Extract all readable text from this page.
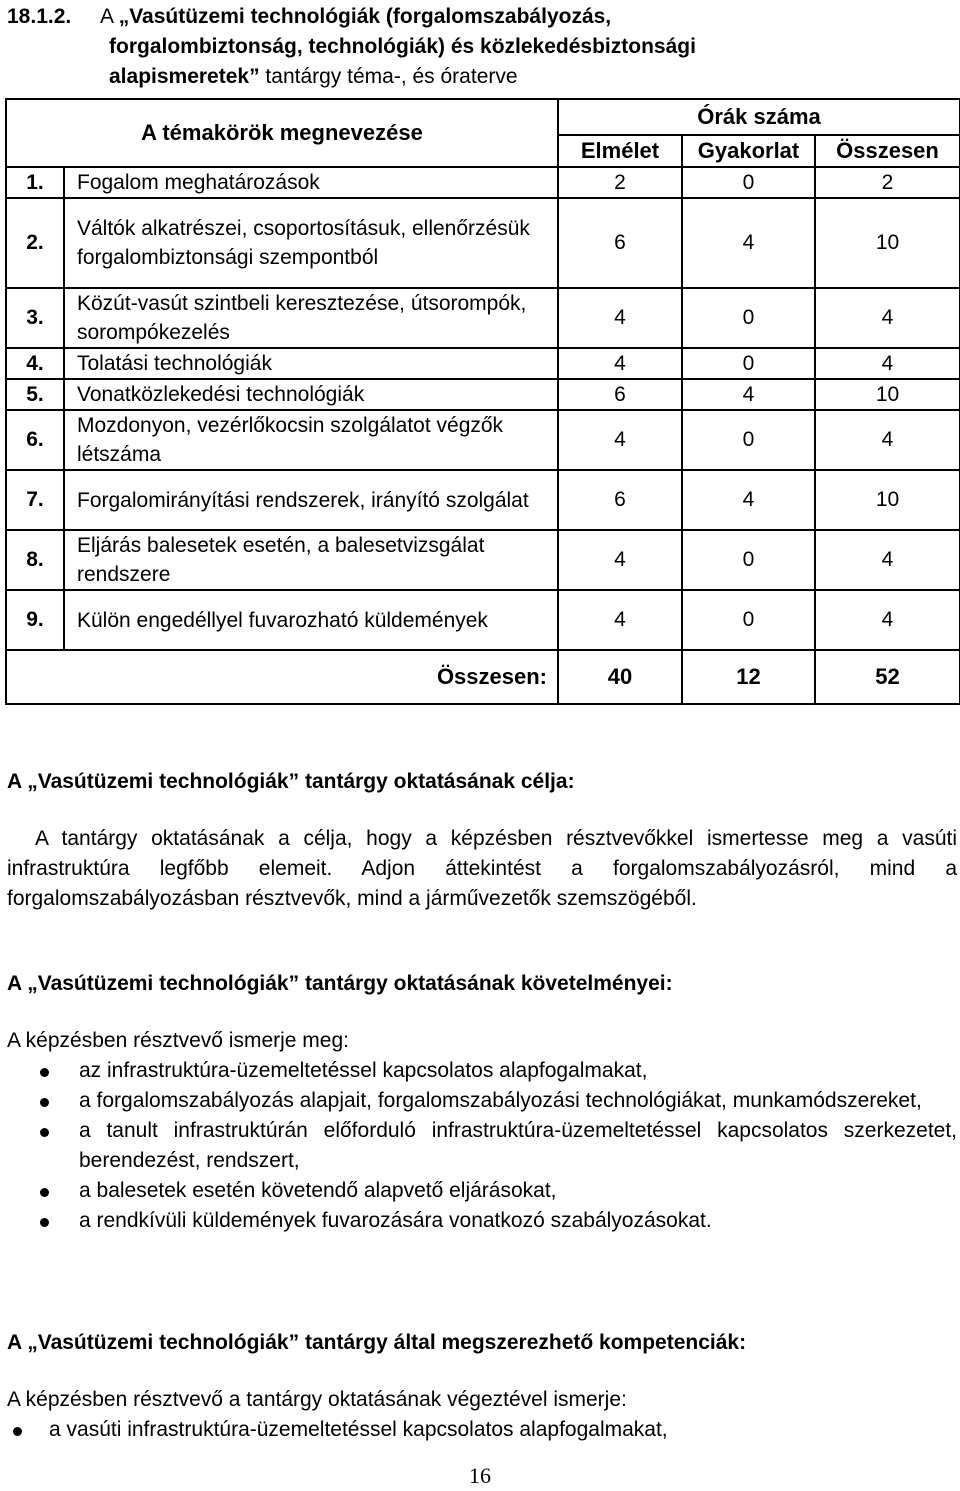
18.1.2. A „Vasútüzemi technológiák (forgalomszabályozás,
forgalombiztonság, technológiák) és közlekedésbiztonsági
alapismeretek” tantárgy téma-, és óraterve
A témakörök megnevezése		Órák száma		
		Elmélet	Gyakorlat	Összesen
1.	Fogalom meghatározások	2	0	2
2.	Váltók alkatrészei, csoportosításuk, ellenőrzésük forgalombiztonsági szempontból	6	4	10
3.	Közút-vasút szintbeli keresztezése, útsorompók, sorompókezelés	4	0	4
4.	Tolatási technológiák	4	0	4
5.	Vonatközlekedési technológiák	6	4	10
6.	Mozdonyon, vezérlőkocsin szolgálatot végzők létszáma	4	0	4
7.	Forgalomirányítási rendszerek, irányító szolgálat	6	4	10
8.	Eljárás balesetek esetén, a balesetvizsgálat rendszere	4	0	4
9.	Külön engedéllyel fuvarozható küldemények	4	0	4
Összesen:		40	12	52
A „Vasútüzemi technológiák” tantárgy oktatásának célja:
A tantárgy oktatásának a célja, hogy a képzésben résztvevőkkel ismertesse meg a vasúti infrastruktúra legfőbb elemeit. Adjon áttekintést a forgalomszabályozásról, mind a forgalomszabályozásban résztvevők, mind a járművezetők szemszögéből.
A „Vasútüzemi technológiák” tantárgy oktatásának követelményei:
A képzésben résztvevő ismerje meg:
az infrastruktúra-üzemeltetéssel kapcsolatos alapfogalmakat,
a forgalomszabályozás alapjait, forgalomszabályozási technológiákat, munkamódszereket,
a tanult infrastruktúrán előforduló infrastruktúra-üzemeltetéssel kapcsolatos szerkezetet, berendezést, rendszert,
a balesetek esetén követendő alapvető eljárásokat,
a rendkívüli küldemények fuvarozására vonatkozó szabályozásokat.
A „Vasútüzemi technológiák” tantárgy által megszerezhető kompetenciák:
A képzésben résztvevő a tantárgy oktatásának végeztével ismerje:
a vasúti infrastruktúra-üzemeltetéssel kapcsolatos alapfogalmakat,
16
